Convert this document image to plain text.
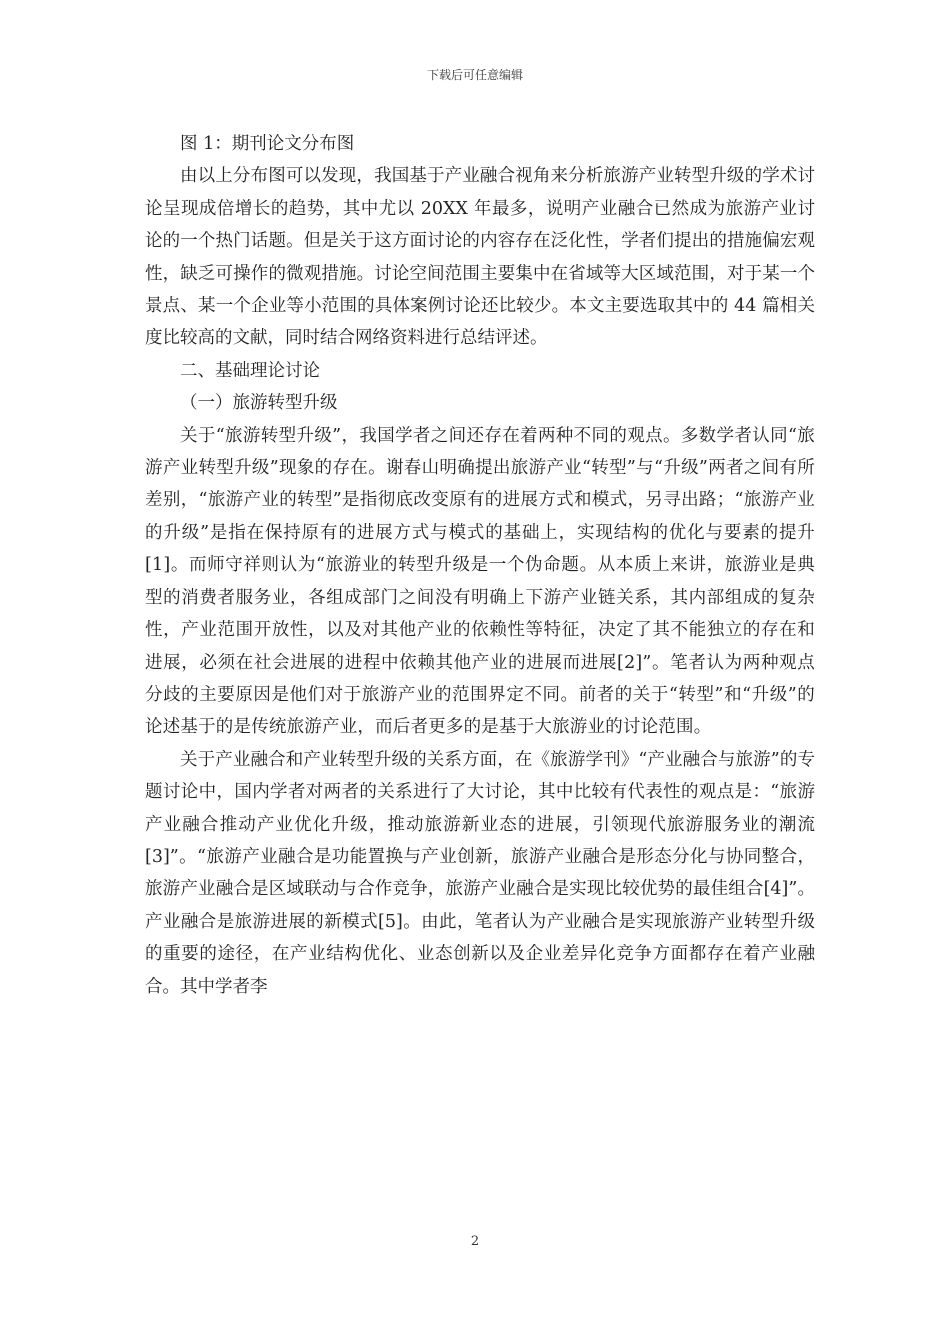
下载后可任意编辑

图 1：期刊论文分布图

由以上分布图可以发现，我国基于产业融合视角来分析旅游产业转型升级的学术讨论呈现成倍增长的趋势，其中尤以 20XX 年最多，说明产业融合已然成为旅游产业讨论的一个热门话题。但是关于这方面讨论的内容存在泛化性，学者们提出的措施偏宏观性，缺乏可操作的微观措施。讨论空间范围主要集中在省域等大区域范围，对于某一个景点、某一个企业等小范围的具体案例讨论还比较少。本文主要选取其中的 44 篇相关度比较高的文献，同时结合网络资料进行总结评述。

二、基础理论讨论

（一）旅游转型升级

关于“旅游转型升级”，我国学者之间还存在着两种不同的观点。多数学者认同“旅游产业转型升级”现象的存在。谢春山明确提出旅游产业“转型”与“升级”两者之间有所差别，“旅游产业的转型”是指彻底改变原有的进展方式和模式，另寻出路；“旅游产业的升级”是指在保持原有的进展方式与模式的基础上，实现结构的优化与要素的提升[1]。而师守祥则认为“旅游业的转型升级是一个伪命题。从本质上来讲，旅游业是典型的消费者服务业，各组成部门之间没有明确上下游产业链关系，其内部组成的复杂性，产业范围开放性，以及对其他产业的依赖性等特征，决定了其不能独立的存在和进展，必须在社会进展的进程中依赖其他产业的进展而进展[2]”。笔者认为两种观点分歧的主要原因是他们对于旅游产业的范围界定不同。前者的关于“转型”和“升级”的论述基于的是传统旅游产业，而后者更多的是基于大旅游业的讨论范围。

关于产业融合和产业转型升级的关系方面，在《旅游学刊》“产业融合与旅游”的专题讨论中，国内学者对两者的关系进行了大讨论，其中比较有代表性的观点是：“旅游产业融合推动产业优化升级，推动旅游新业态的进展，引领现代旅游服务业的潮流[3]”。“旅游产业融合是功能置换与产业创新，旅游产业融合是形态分化与协同整合，旅游产业融合是区域联动与合作竞争，旅游产业融合是实现比较优势的最佳组合[4]”。产业融合是旅游进展的新模式[5]。由此，笔者认为产业融合是实现旅游产业转型升级的重要的途径，在产业结构优化、业态创新以及企业差异化竞争方面都存在着产业融合。其中学者李

2
